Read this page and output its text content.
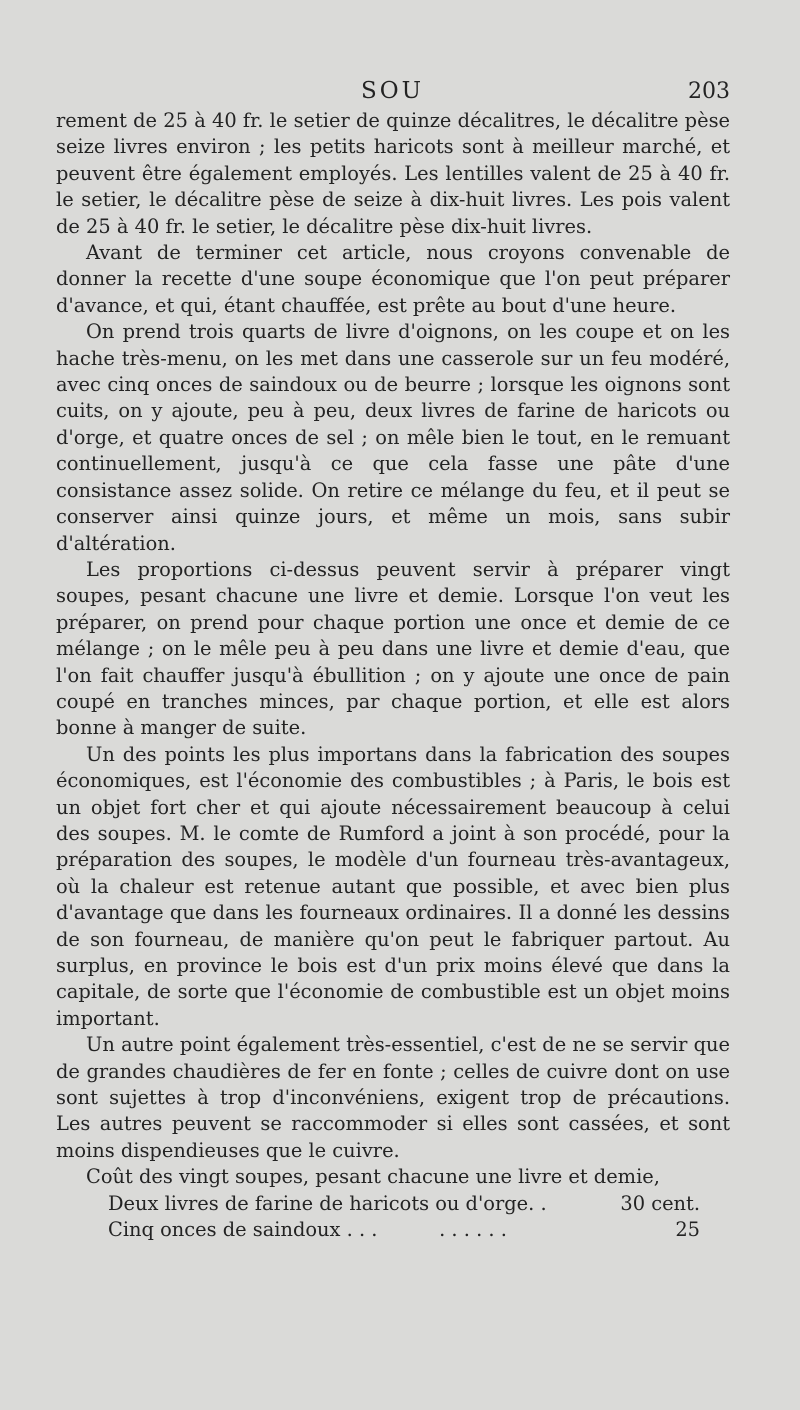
SOU	203

rement de 25 à 40 fr. le setier de quinze décalitres, le décalitre pèse seize livres environ ; les petits haricots sont à meilleur marché, et peuvent être également employés. Les lentilles valent de 25 à 40 fr. le setier, le décalitre pèse de seize à dix-huit livres. Les pois valent de 25 à 40 fr. le setier, le décalitre pèse dix-huit livres.

Avant de terminer cet article, nous croyons convenable de donner la recette d'une soupe économique que l'on peut préparer d'avance, et qui, étant chauffée, est prête au bout d'une heure.

On prend trois quarts de livre d'oignons, on les coupe et on les hache très-menu, on les met dans une casserole sur un feu modéré, avec cinq onces de saindoux ou de beurre ; lorsque les oignons sont cuits, on y ajoute, peu à peu, deux livres de farine de haricots ou d'orge, et quatre onces de sel ; on mêle bien le tout, en le remuant continuellement, jusqu'à ce que cela fasse une pâte d'une consistance assez solide. On retire ce mélange du feu, et il peut se conserver ainsi quinze jours, et même un mois, sans subir d'altération.

Les proportions ci-dessus peuvent servir à préparer vingt soupes, pesant chacune une livre et demie. Lorsque l'on veut les préparer, on prend pour chaque portion une once et demie de ce mélange ; on le mêle peu à peu dans une livre et demie d'eau, que l'on fait chauffer jusqu'à ébullition ; on y ajoute une once de pain coupé en tranches minces, par chaque portion, et elle est alors bonne à manger de suite.

Un des points les plus importans dans la fabrication des soupes économiques, est l'économie des combustibles ; à Paris, le bois est un objet fort cher et qui ajoute nécessairement beaucoup à celui des soupes. M. le comte de Rumford a joint à son procédé, pour la préparation des soupes, le modèle d'un fourneau très-avantageux, où la chaleur est retenue autant que possible, et avec bien plus d'avantage que dans les fourneaux ordinaires. Il a donné les dessins de son fourneau, de manière qu'on peut le fabriquer partout. Au surplus, en province le bois est d'un prix moins élevé que dans la capitale, de sorte que l'économie de combustible est un objet moins important.

Un autre point également très-essentiel, c'est de ne se servir que de grandes chaudières de fer en fonte ; celles de cuivre dont on use sont sujettes à trop d'inconvéniens, exigent trop de précautions. Les autres peuvent se raccommoder si elles sont cassées, et sont moins dispendieuses que le cuivre.

Coût des vingt soupes, pesant chacune une livre et demie,

Deux livres de farine de haricots ou d'orge. .	30 cent.
Cinq onces de saindoux . . .          . . . . . .	25
